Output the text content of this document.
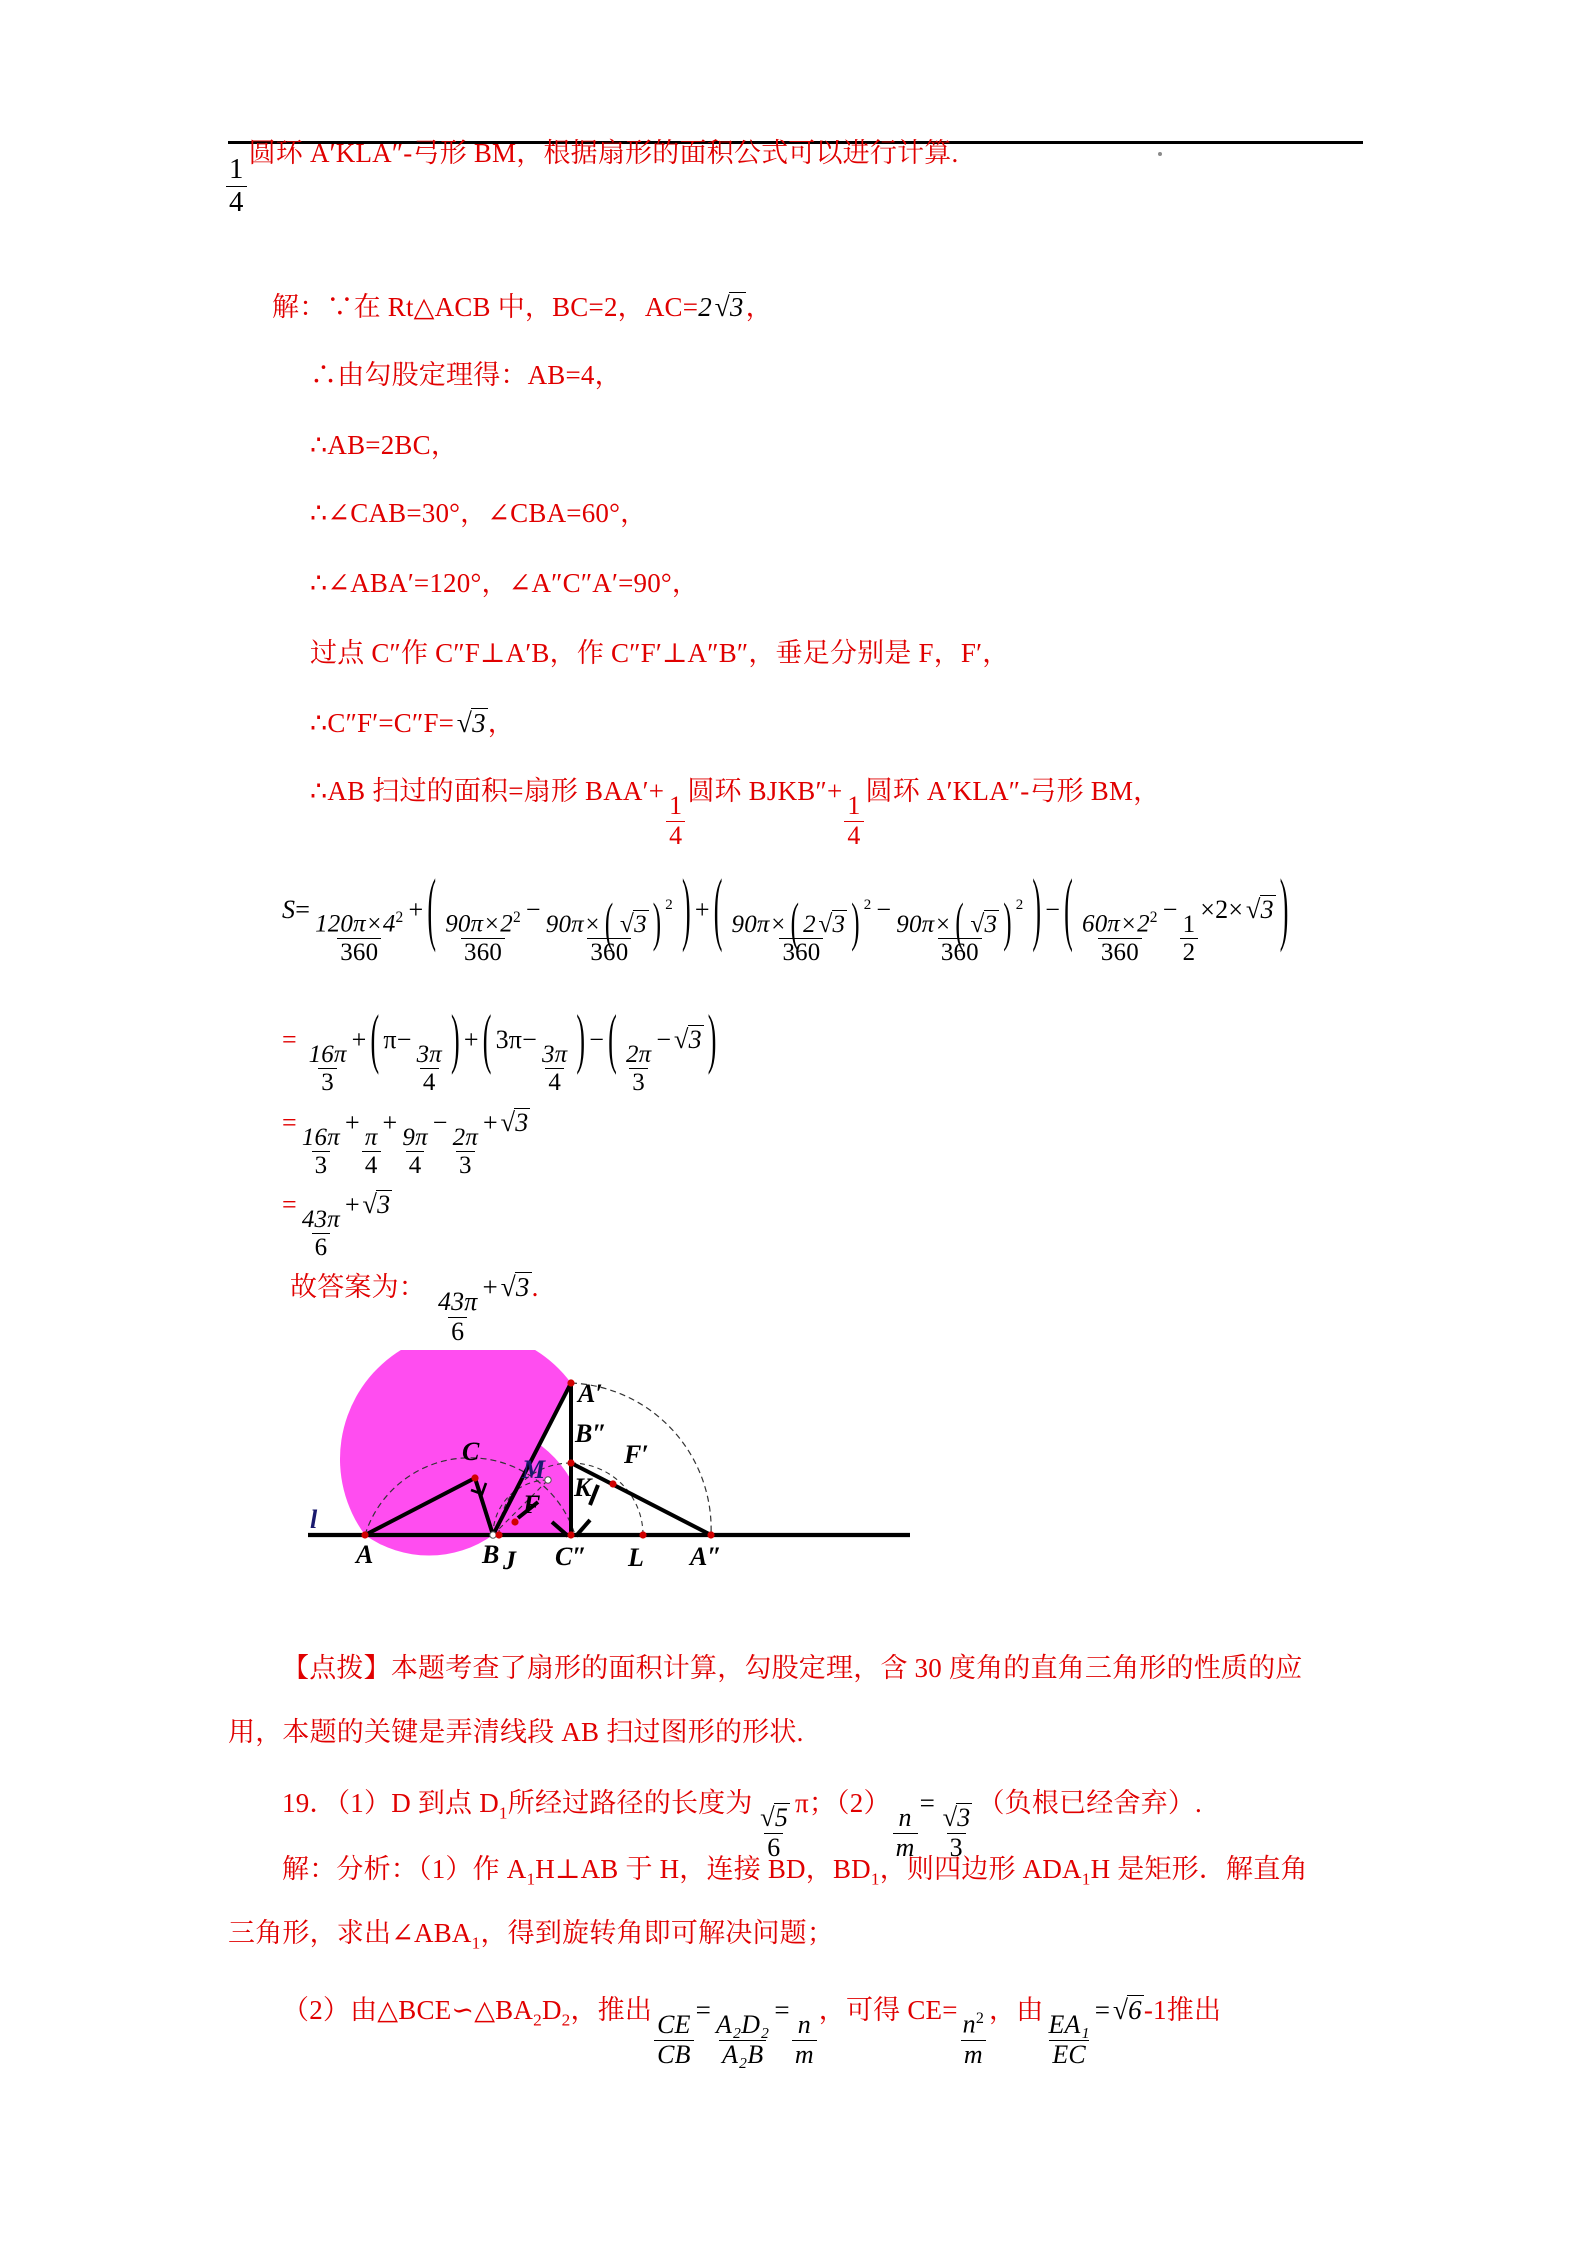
$\frac{1}{4}$
圆环 A′KLA″-弓形 BM，根据扇形的面积公式可以进行计算.
解：∵在 Rt△ACB 中，BC=2，AC=2√3，
∴由勾股定理得：AB=4，
∴AB=2BC，
∴∠CAB=30°，∠CBA=60°，
∴∠ABA′=120°，∠A″C″A′=90°，
过点 C″作 C″F⊥A′B，作 C″F′⊥A″B″，垂足分别是 F，F′，
∴C″F′=C″F=√3，
∴AB 扫过的面积=扇形 BAA′+
$\frac{1}{4}$
圆环 BJKB″+
$\frac{1}{4}$
圆环 A′KLA″-弓形 BM，
S=
$\frac{120\pi\times 4^2}{360}$
+ ( $\frac{90\pi\times 2^2}{360}$
−
$\frac{90\pi\times ( √3 ) ^2}{360}$ ) + ( $\frac{90\pi\times ( 2√3 ) ^2}{360}$
−
$\frac{90\pi\times ( √3 ) ^2}{360}$ ) − ( $\frac{60\pi\times 2^2}{360}$
−
$\frac{1}{2}$
×2×√3 )
=
$\frac{16\pi}{3}$
+ ( π−
$\frac{3\pi}{4}$ ) + ( 3π−
$\frac{3\pi}{4}$ ) − ( $\frac{2\pi}{3}$
−√3 )
=
$\frac{16\pi}{3}$
+
$\frac{\pi}{4}$
+
$\frac{9\pi}{4}$
−
$\frac{2\pi}{3}$
+√3
=
$\frac{43\pi}{6}$
+√3
故答案为：
$\frac{43\pi}{6}$
+√3.
l
A	B J C″ L A″
C
M
F
K
A′
B″
F′
【点拨】本题考查了扇形的面积计算，勾股定理，含 30 度角的直角三角形的性质的应
用，本题的关键是弄清线段 AB 扫过图形的形状.
19．（1）D 到点 $D_1$所经过路径的长度为
$\frac{√5}{6}$
π；（2）
$\frac{n}{m}$
=
$\frac{√3}{3}$
（负根已经舍弃）.
解：分析：（1）作 $A_1H\perp AB$ 于 H，连接 BD，$BD_1$，则四边形 $ADA_1H$ 是矩形．解直角
三角形，求出$\angle ABA_1$，得到旋转角即可解决问题；
（2）由$\triangle BCE∽\triangle BA_2D_2$，推出
$\frac{CE}{CB}$
=
$\frac{\text{A₂D₂}}{\text{A₂B}}$
=
$\frac{n}{m}$
，可得 CE=
$\frac{n^2}{m}$
，由
$\frac{\text{EA₁}}{EC}$
=√6-1推出
